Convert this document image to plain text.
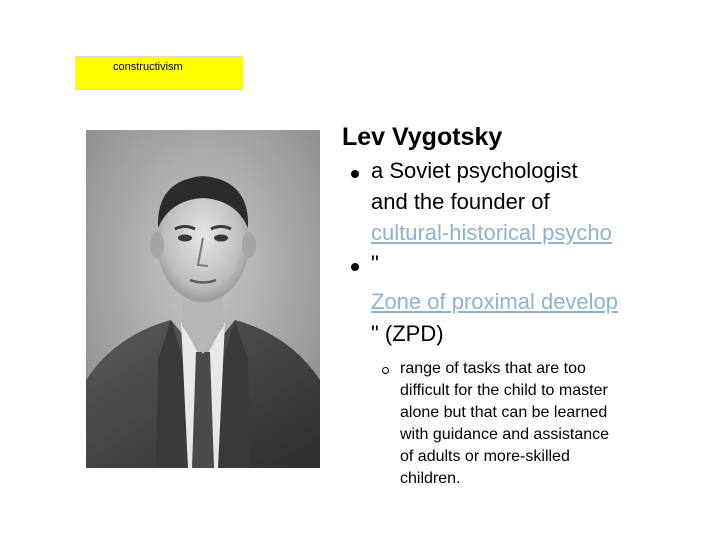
constructivism
Lev Vygotsky
a Soviet psychologist
and the founder of
cultural-historical psycho
"
Zone of proximal develop
" (ZPD)
range of tasks that are too
difficult for the child to master
alone but that can be learned
with guidance and assistance
of adults or more-skilled
children.
